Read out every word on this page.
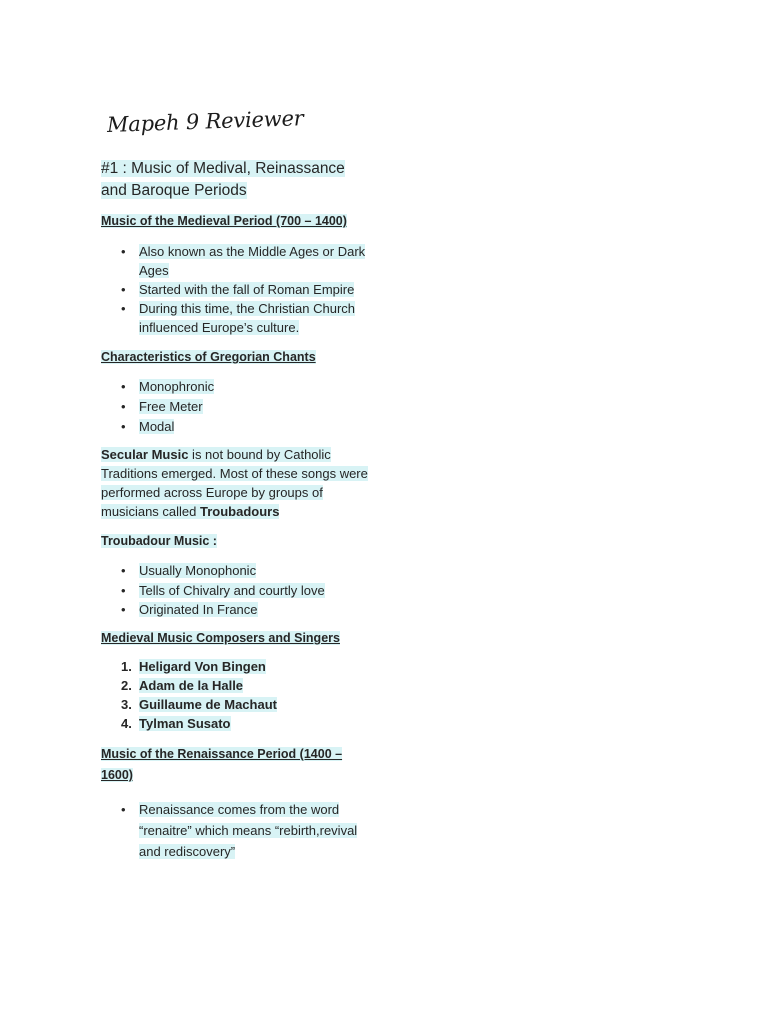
Mapeh 9 Reviewer
#1 : Music of Medival, Reinassance and Baroque Periods
Music of the Medieval Period (700 – 1400)
• Also known as the Middle Ages or Dark Ages
• Started with the fall of Roman Empire
• During this time, the Christian Church influenced Europe’s culture.
Characteristics of Gregorian Chants
• Monophronic
• Free Meter
• Modal
Secular Music is not bound by Catholic Traditions emerged. Most of these songs were performed across Europe by groups of musicians called Troubadours
Troubadour Music :
• Usually Monophonic
• Tells of Chivalry and courtly love
• Originated In France
Medieval Music Composers and Singers
1. Heligard Von Bingen
2. Adam de la Halle
3. Guillaume de Machaut
4. Tylman Susato
Music of the Renaissance Period (1400 – 1600)
• Renaissance comes from the word “renaitre” which means “rebirth,revival and rediscovery”
